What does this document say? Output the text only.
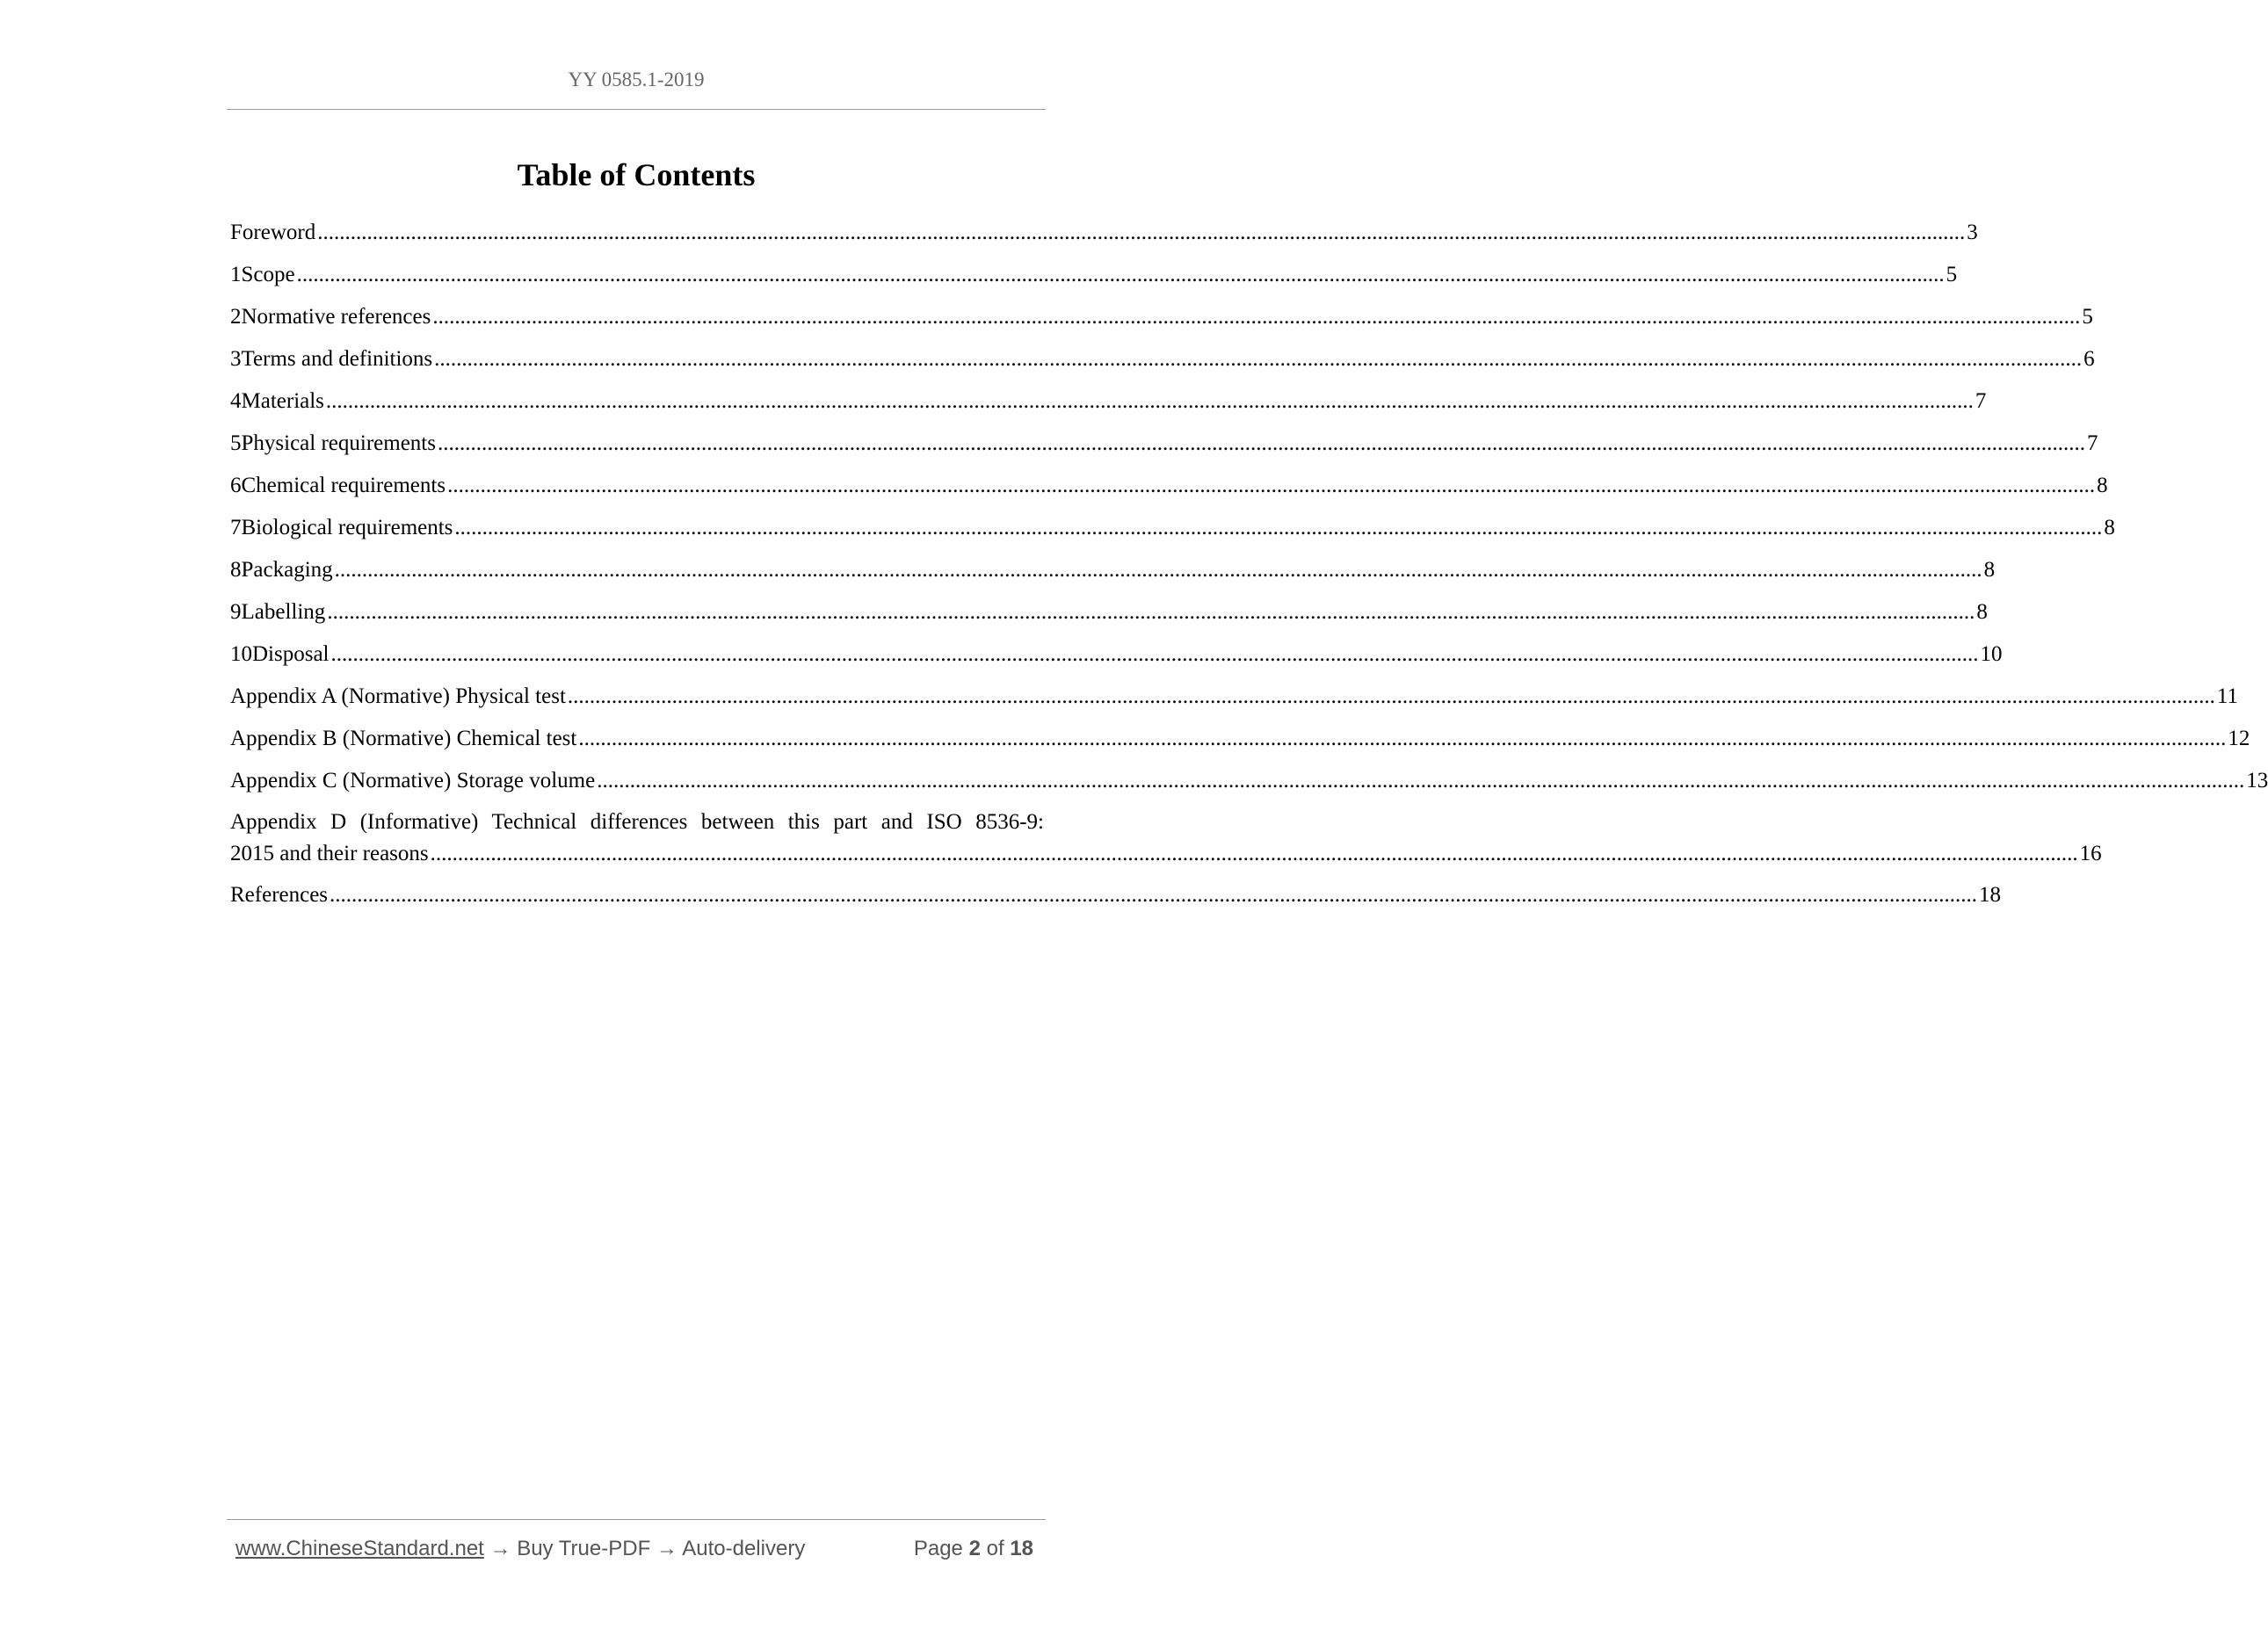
YY 0585.1-2019
Table of Contents
Foreword ............................................................................................................................................................................................................................................................................................................ 3
1 Scope ............................................................................................................................................................................................................................................................................................................ 5
2 Normative references ............................................................................................................................................................................................................................................................................................................ 5
3 Terms and definitions ............................................................................................................................................................................................................................................................................................................ 6
4 Materials ............................................................................................................................................................................................................................................................................................................ 7
5 Physical requirements ............................................................................................................................................................................................................................................................................................................ 7
6 Chemical requirements ............................................................................................................................................................................................................................................................................................................ 8
7 Biological requirements ............................................................................................................................................................................................................................................................................................................ 8
8 Packaging ............................................................................................................................................................................................................................................................................................................ 8
9 Labelling ............................................................................................................................................................................................................................................................................................................ 8
10 Disposal ............................................................................................................................................................................................................................................................................................................ 10
Appendix A (Normative) Physical test ............................................................................................................................................................................................................................................................................................................ 11
Appendix B (Normative) Chemical test ............................................................................................................................................................................................................................................................................................................ 12
Appendix C (Normative) Storage volume ............................................................................................................................................................................................................................................................................................................ 13
Appendix D (Informative) Technical differences between this part and ISO 8536-9:
2015 and their reasons ............................................................................................................................................................................................................................................................................................................ 16
References ............................................................................................................................................................................................................................................................................................................ 18
www.ChineseStandard.net → Buy True-PDF → Auto-delivery	Page 2 of 18
